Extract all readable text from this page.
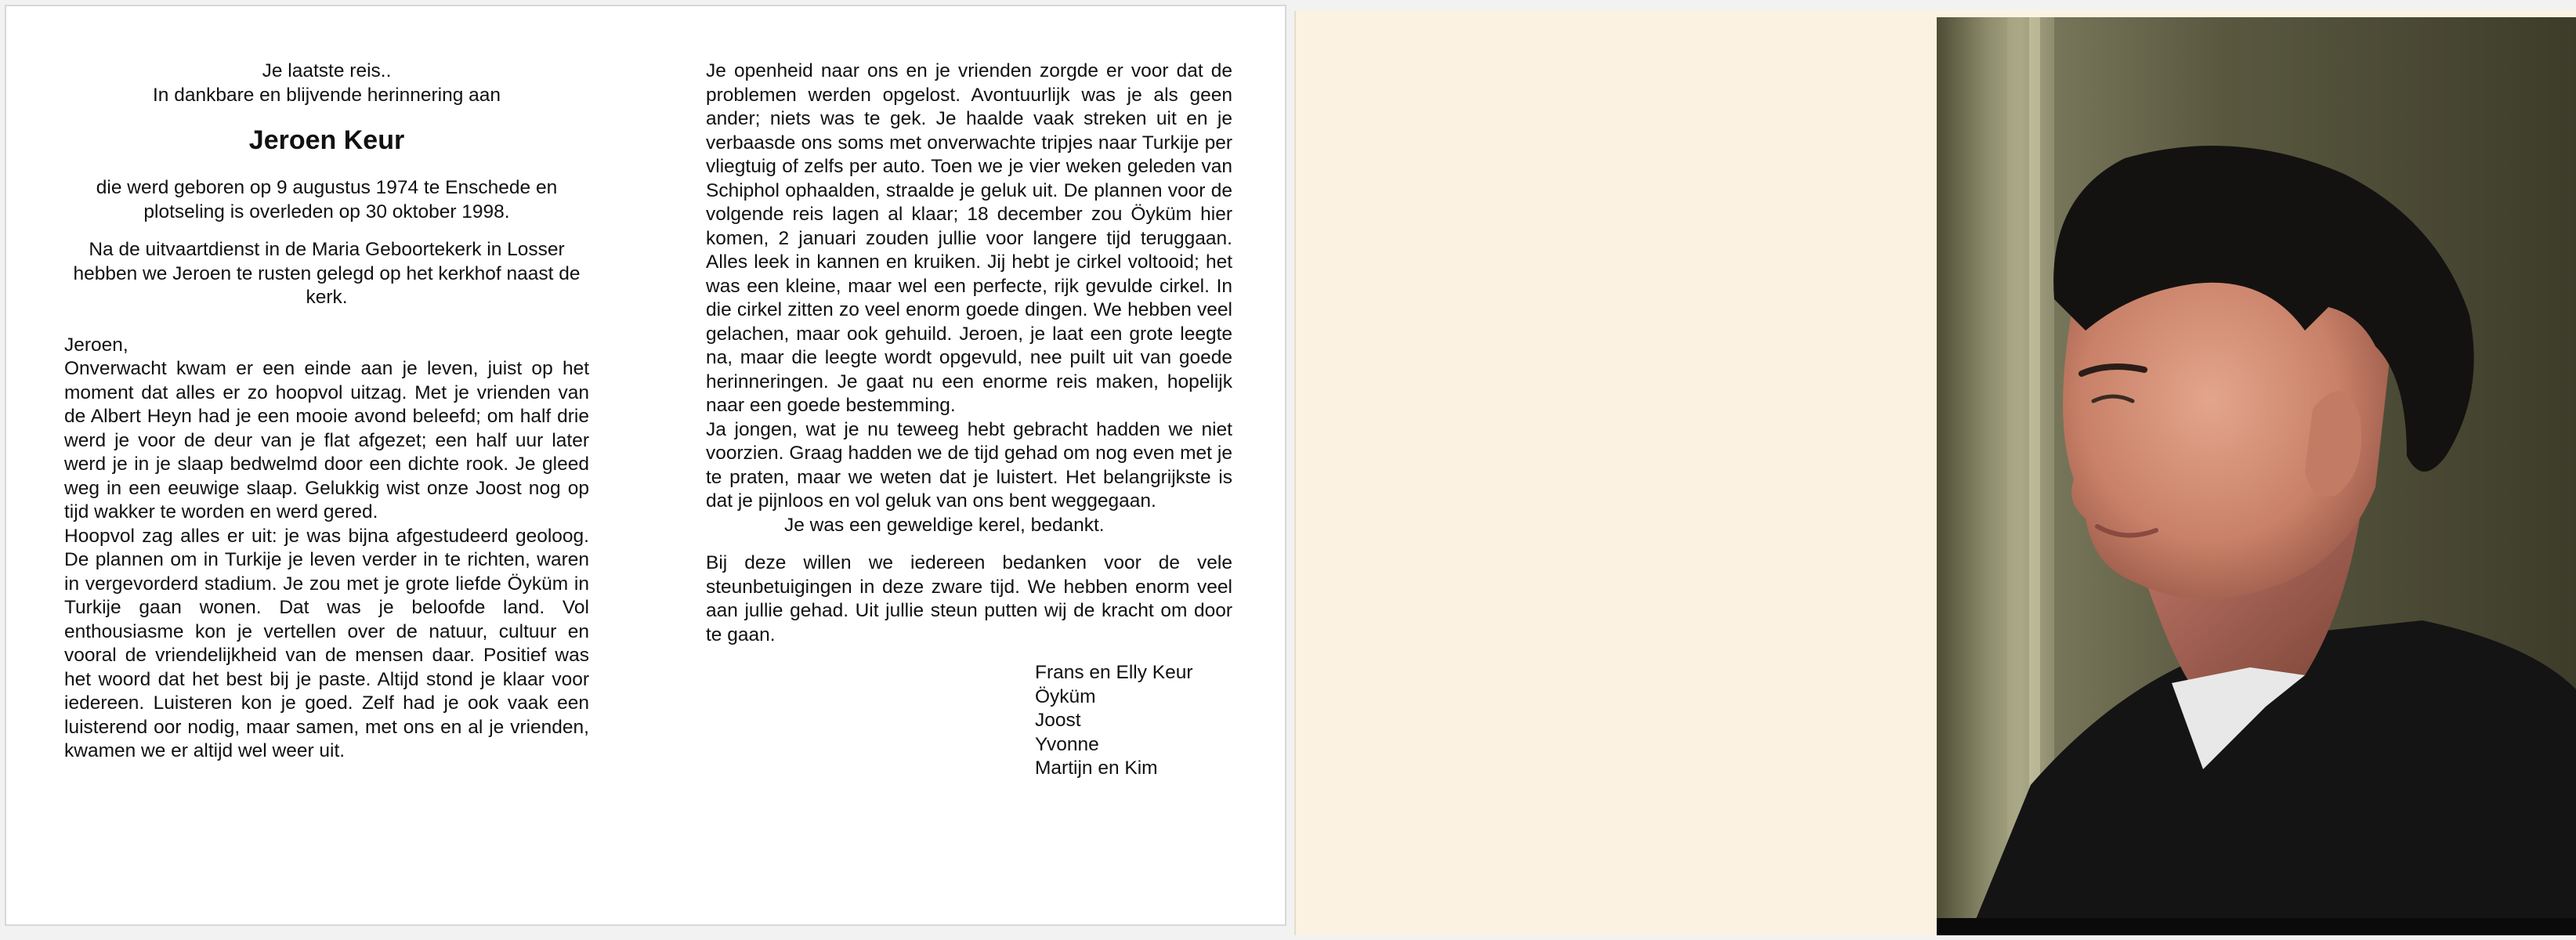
Je laatste reis..
In dankbare en blijvende herinnering aan
Jeroen Keur

die werd geboren op 9 augustus 1974 te Enschede en plotseling is overleden op 30 oktober 1998.

Na de uitvaartdienst in de Maria Geboortekerk in Losser hebben we Jeroen te rusten gelegd op het kerkhof naast de kerk.

Jeroen,

Onverwacht kwam er een einde aan je leven, juist op het moment dat alles er zo hoopvol uitzag. Met je vrienden van de Albert Heyn had je een mooie avond beleefd; om half drie werd je voor de deur van je flat afgezet; een half uur later werd je in je slaap bedwelmd door een dichte rook. Je gleed weg in een eeuwige slaap. Gelukkig wist onze Joost nog op tijd wakker te worden en werd gered.

Hoopvol zag alles er uit: je was bijna afgestudeerd geoloog. De plannen om in Turkije je leven verder in te richten, waren in vergevorderd stadium. Je zou met je grote liefde Öyküm in Turkije gaan wonen. Dat was je beloofde land. Vol enthousiasme kon je vertellen over de natuur, cultuur en vooral de vriendelijkheid van de mensen daar. Positief was het woord dat het best bij je paste. Altijd stond je klaar voor iedereen. Luisteren kon je goed. Zelf had je ook vaak een luisterend oor nodig, maar samen, met ons en al je vrienden, kwamen we er altijd wel weer uit.

Je openheid naar ons en je vrienden zorgde er voor dat de problemen werden opgelost. Avontuurlijk was je als geen ander; niets was te gek. Je haalde vaak streken uit en je verbaasde ons soms met onverwachte tripjes naar Turkije per vliegtuig of zelfs per auto. Toen we je vier weken geleden van Schiphol ophaalden, straalde je geluk uit. De plannen voor de volgende reis lagen al klaar; 18 december zou Öyküm hier komen, 2 januari zouden jullie voor langere tijd teruggaan. Alles leek in kannen en kruiken. Jij hebt je cirkel voltooid; het was een kleine, maar wel een perfecte, rijk gevulde cirkel. In die cirkel zitten zo veel enorm goede dingen. We hebben veel gelachen, maar ook gehuild. Jeroen, je laat een grote leegte na, maar die leegte wordt opgevuld, nee puilt uit van goede herinneringen. Je gaat nu een enorme reis maken, hopelijk naar een goede bestemming.

Ja jongen, wat je nu teweeg hebt gebracht hadden we niet voorzien. Graag hadden we de tijd gehad om nog even met je te praten, maar we weten dat je luistert. Het belangrijkste is dat je pijnloos en vol geluk van ons bent weggegaan.

Je was een geweldige kerel, bedankt.

Bij deze willen we iedereen bedanken voor de vele steunbetuigingen in deze zware tijd. We hebben enorm veel aan jullie gehad. Uit jullie steun putten wij de kracht om door te gaan.

Frans en Elly Keur
Öyküm
Joost
Yvonne
Martijn en Kim
